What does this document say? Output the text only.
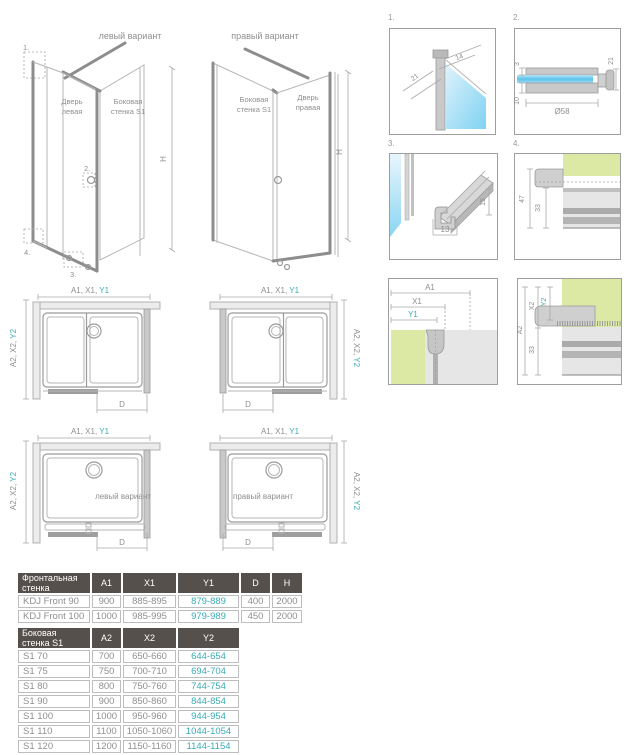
H
1.
2.
3.
4.
левый вариант
Дверь
левая
Боковая
стенка S1
H
правый вариант
Боковая
стенка S1
Дверь
правая
A1, X1, Y1
A2, X2, Y2
D
A1, X1, Y1
A2, X2, Y2
D
A1, X1, Y1
A2, X2, Y2
левый вариант
D
A1, X1, Y1
A2, X2, Y2
правый вариант
D
1.	2.
3.	4.
21
14
3
10
Ø58
21
13
15	47
33
A1
X1
Y1
A2
X2 Y2
33
Фронтальная стенка	A1	X1	Y1	D	H
KDJ Front 90	900	885-895	879-889	400	2000
KDJ Front 100	1000	985-995	979-989	450	2000
Боковая стенка S1	A2	X2	Y2
S1 70	700	650-660	644-654
S1 75	750	700-710	694-704
S1 80	800	750-760	744-754
S1 90	900	850-860	844-854
S1 100	1000	950-960	944-954
S1 110	1100	1050-1060	1044-1054
S1 120	1200	1150-1160	1144-1154
